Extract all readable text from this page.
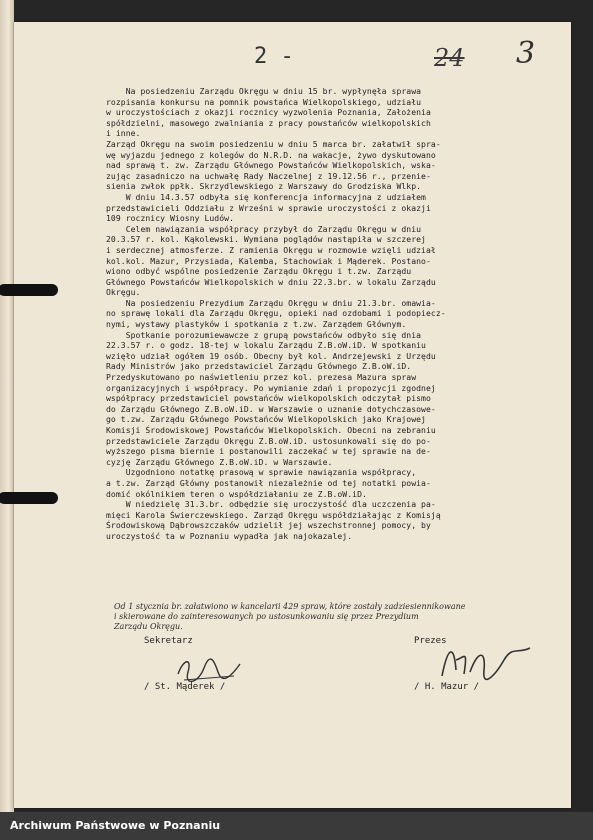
2 -	24 3

Na posiedzeniu Zarządu Okręgu w dniu 15 br. wypłynęła sprawa

rozpisania konkursu na pomnik powstańca Wielkopolskiego, udziału

w uroczystościach z okazji rocznicy wyzwolenia Poznania, Założenia

spółdzielni, masowego zwalniania z pracy powstańców wielkopolskich

i inne.

Zarząd Okręgu na swoim posiedzeniu w dniu 5 marca br. załatwił spra-

wę wyjazdu jednego z kolegów do N.R.D. na wakacje, żywo dyskutowano

nad sprawą t. zw. Zarządu Głównego Powstańców Wielkopolskich, wska-

zując zasadniczo na uchwałę Rady Naczelnej z 19.12.56 r., przenie-

sienia zwłok ppłk. Skrzydlewskiego z Warszawy do Grodziska Wlkp.

W dniu 14.3.57 odbyła się konferencja informacyjna z udziałem

przedstawicieli Oddziału z Wrześni w sprawie uroczystości z okazji

109 rocznicy Wiosny Ludów.

Celem nawiązania współpracy przybył do Zarządu Okręgu w dniu

20.3.57 r. kol. Kąkolewski. Wymiana poglądów nastąpiła w szczerej

i serdecznej atmosferze. Z ramienia Okręgu w rozmowie wzięli udział

kol.kol. Mazur, Przysiada, Kalemba, Stachowiak i Mąderek. Postano-

wiono odbyć wspólne posiedzenie Zarządu Okręgu i t.zw. Zarządu

Głównego Powstańców Wielkopolskich w dniu 22.3.br. w lokalu Zarządu

Okręgu.

Na posiedzeniu Prezydium Zarządu Okręgu w dniu 21.3.br. omawia-

no sprawę lokali dla Zarządu Okręgu, opieki nad ozdobami i podopiecz-

nymi, wystawy plastyków i spotkania z t.zw. Zarządem Głównym.

Spotkanie porozumiewawcze z grupą powstańców odbyło się dnia

22.3.57 r. o godz. 18-tej w lokalu Zarządu Z.B.oW.iD. W spotkaniu

wzięło udział ogółem 19 osób. Obecny był kol. Andrzejewski z Urzędu

Rady Ministrów jako przedstawiciel Zarządu Głównego Z.B.oW.iD.

Przedyskutowano po naświetleniu przez kol. prezesa Mazura spraw

organizacyjnych i współpracy. Po wymianie zdań i propozycji zgodnej

współpracy przedstawiciel powstańców wielkopolskich odczytał pismo

do Zarządu Głównego Z.B.oW.iD. w Warszawie o uznanie dotychczasowe-

go t.zw. Zarządu Głównego Powstańców Wielkopolskich jako Krajowej

Komisji Środowiskowej Powstańców Wielkopolskich. Obecni na zebraniu

przedstawiciele Zarządu Okręgu Z.B.oW.iD. ustosunkowali się do po-

wyższego pisma biernie i postanowili zaczekać w tej sprawie na de-

cyzję Zarządu Głównego Z.B.oW.iD. w Warszawie.

Uzgodniono notatkę prasową w sprawie nawiązania współpracy,

a t.zw. Zarząd Główny postanowił niezależnie od tej notatki powia-

domić okólnikiem teren o współdziałaniu ze Z.B.oW.iD.

W niedzielę 31.3.br. odbędzie się uroczystość dla uczczenia pa-

mięci Karola Świerczewskiego. Zarząd Okręgu współdziałając z Komisją

Środowiskową Dąbrowszczaków udzielił jej wszechstronnej pomocy, by

uroczystość ta w Poznaniu wypadła jak najokazalej.

Od 1 stycznia br. załatwiono w kancelarii 429 spraw, które zostały zadziesiennikowane
i skierowane do zainteresowanych po ustosunkowaniu się przez Prezydium
Zarządu Okręgu.
Sekretarz	Prezes
/ St. Mąderek /	/ H. Mazur /
Archiwum Państwowe w Poznaniu
